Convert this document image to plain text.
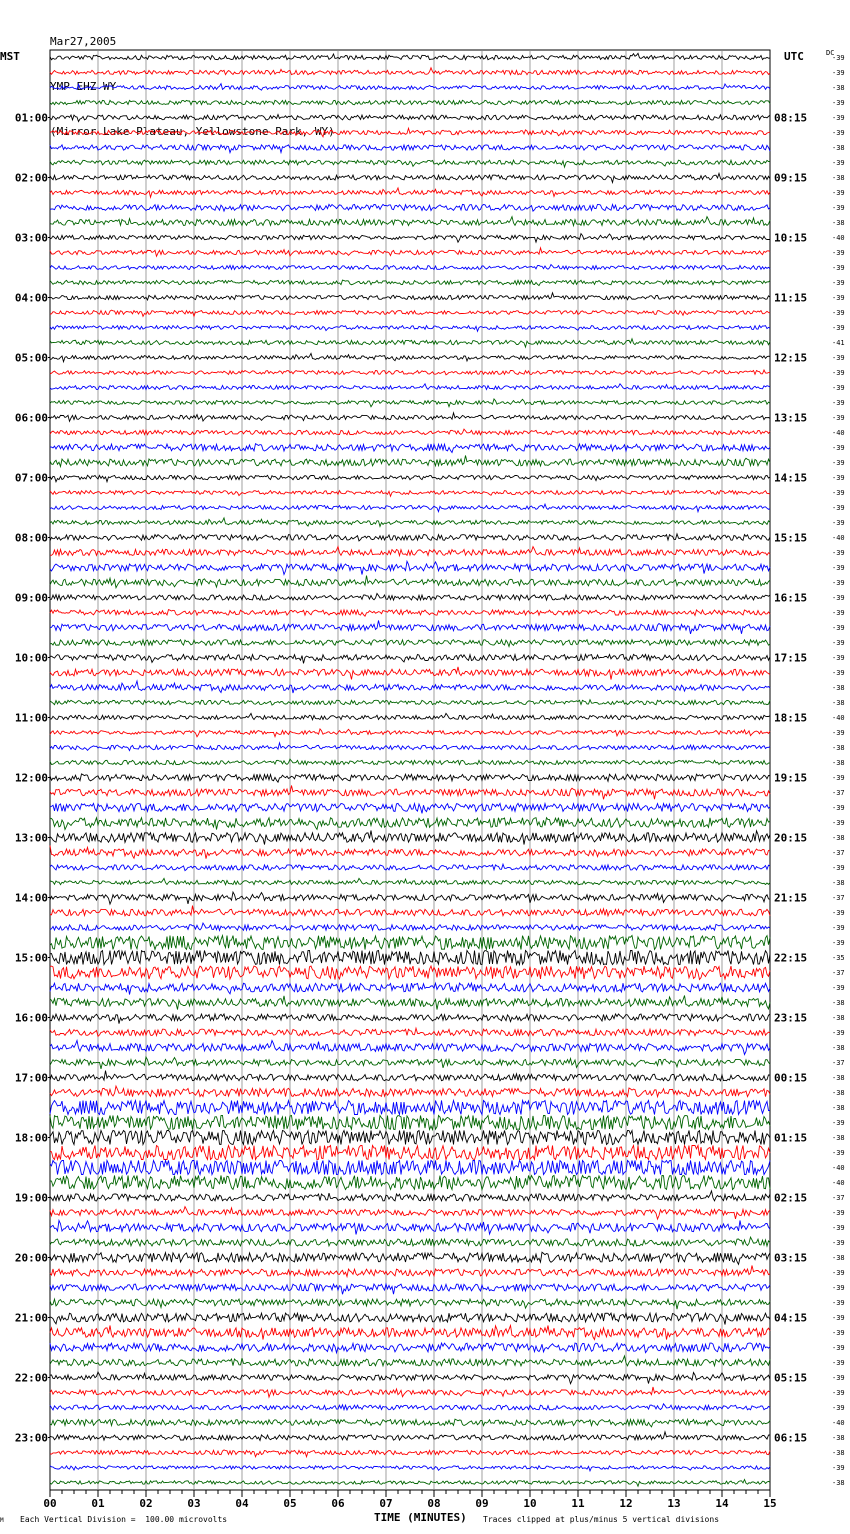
Mar27,2005

YMP EHZ WY

(Mirror Lake Plateau, Yellowstone Park, WY)

MST	UTC	DC
01:00
02:00
03:00
04:00
05:00
06:00
07:00
08:00
09:00
10:00
11:00
12:00
13:00
14:00
15:00
16:00
17:00
18:00
19:00
20:00
21:00
22:00
23:00
08:15
09:15
10:15
11:15
12:15
13:15
14:15
15:15
16:15
17:15
18:15
19:15
20:15
21:15
22:15
23:15
00:15
01:15
02:15
03:15
04:15
05:15
06:15
-39
-39
-38
-39
-39
-39
-38
-39
-38
-39
-39
-38
-40
-39
-39
-39
-39
-39
-39
-41
-39
-39
-39
-39
-39
-40
-39
-39
-39
-39
-39
-39
-40
-39
-39
-39
-39
-39
-39
-39
-39
-39
-38
-38
-40
-39
-38
-38
-39
-37
-39
-39
-38
-37
-39
-38
-37
-39
-39
-39
-35
-37
-39
-38
-38
-39
-38
-37
-38
-38
-38
-39
-38
-39
-40
-40
-37
-39
-39
-39
-38
-39
-39
-39
-39
-39
-39
-39
-39
-39
-39
-40
-38
-38
-39
-38
00	01	02	03	04	05	06	07	08	09	10	11	12	13	14	15
M Each Vertical Division =  100.00 microvolts	TIME (MINUTES) Traces clipped at plus/minus 5 vertical divisions
